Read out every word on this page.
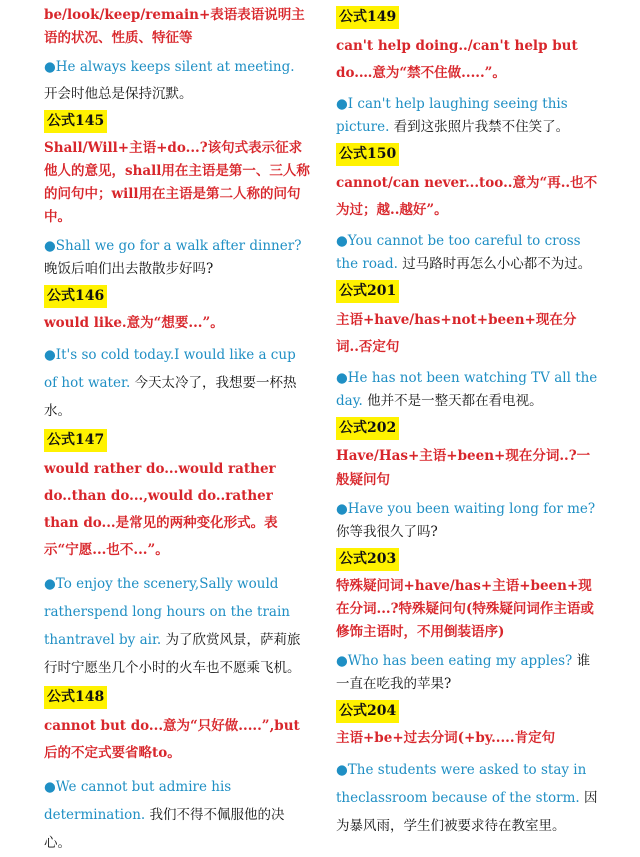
be/look/keep/remain+表语表语说明主语的状况、性质、特征等
●He always keeps silent at meeting.
开会时他总是保持沉默。
公式145
Shall/Will+主语+do...?该句式表示征求他人的意见，shall用在主语是第一、三人称的问句中；will用在主语是第二人称的问句中。
●Shall we go for a walk after dinner?
晚饭后咱们出去散散步好吗?
公式146
would like.意为“想要...”。
●It's so cold today.I would like a cup of hot water. 今天太冷了，我想要一杯热水。
公式147
would rather do...would rather do..than do...,would do..rather than do...是常见的两种变化形式。表示“宁愿...也不...”。
●To enjoy the scenery,Sally would ratherspend long hours on the train thantravel by air. 为了欣赏风景，萨莉旅行时宁愿坐几个小时的火车也不愿乘飞机。
公式148
cannot but do...意为“只好做.....”,but后的不定式要省略to。
●We cannot but admire his determination. 我们不得不佩服他的决心。
公式149
can't help doing../can't help but do.…意为“禁不住做.....”。
●I can't help laughing seeing this picture. 看到这张照片我禁不住笑了。
公式150
cannot/can never...too..意为“再..也不为过；越..越好”。
●You cannot be too careful to cross the road. 过马路时再怎么小心都不为过。
公式201
主语+have/has+not+been+现在分词..否定句
●He has not been watching TV all the day. 他并不是一整天都在看电视。
公式202
Have/Has+主语+been+现在分词..?一般疑问句
●Have you been waiting long for me?
你等我很久了吗?
公式203
特殊疑问词+have/has+主语+been+现在分词...?特殊疑问句(特殊疑问词作主语或修饰主语时，不用倒装语序)
●Who has been eating my apples? 谁一直在吃我的苹果?
公式204
主语+be+过去分词(+by.....肯定句
●The students were asked to stay in theclassroom because of the storm. 因为暴风雨，学生们被要求待在教室里。
